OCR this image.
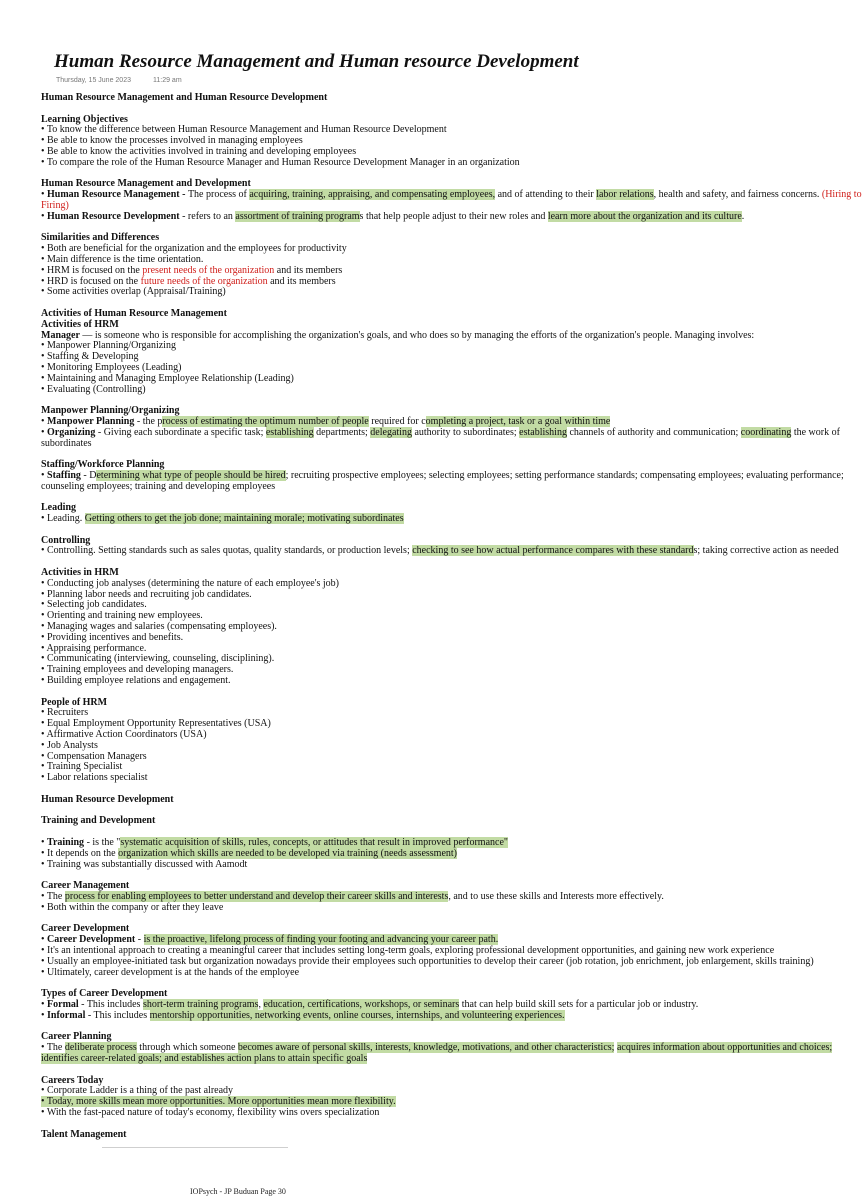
Human Resource Management and Human resource Development
Thursday, 15 June 2023	11:29 am
Human Resource Management and Human Resource Development
Learning Objectives
• To know the difference between Human Resource Management and Human Resource Development
• Be able to know the processes involved in managing employees
• Be able to know the activities involved in training and developing employees
• To compare the role of the Human Resource Manager and Human Resource Development Manager in an organization
Human Resource Management and Development
• Human Resource Management - The process of acquiring, training, appraising, and compensating employees, and of attending to their labor relations, health and safety, and fairness concerns. (Hiring to
Firing)
• Human Resource Development - refers to an assortment of training programs that help people adjust to their new roles and learn more about the organization and its culture.
Similarities and Differences
• Both are beneficial for the organization and the employees for productivity
• Main difference is the time orientation.
• HRM is focused on the present needs of the organization and its members
• HRD is focused on the future needs of the organization and its members
• Some activities overlap (Appraisal/Training)
Activities of Human Resource Management
Activities of HRM
Manager — is someone who is responsible for accomplishing the organization's goals, and who does so by managing the efforts of the organization's people. Managing involves:
• Manpower Planning/Organizing
• Staffing & Developing
• Monitoring Employees (Leading)
• Maintaining and Managing Employee Relationship (Leading)
• Evaluating (Controlling)
Manpower Planning/Organizing
• Manpower Planning - the process of estimating the optimum number of people required for completing a project, task or a goal within time
• Organizing - Giving each subordinate a specific task; establishing departments; delegating authority to subordinates; establishing channels of authority and communication; coordinating the work of
subordinates
Staffing/Workforce Planning
• Staffing - Determining what type of people should be hired; recruiting prospective employees; selecting employees; setting performance standards; compensating employees; evaluating performance;
counseling employees; training and developing employees
Leading
• Leading. Getting others to get the job done; maintaining morale; motivating subordinates
Controlling
• Controlling. Setting standards such as sales quotas, quality standards, or production levels; checking to see how actual performance compares with these standards; taking corrective action as needed
Activities in HRM
• Conducting job analyses (determining the nature of each employee's job)
• Planning labor needs and recruiting job candidates.
• Selecting job candidates.
• Orienting and training new employees.
• Managing wages and salaries (compensating employees).
• Providing incentives and benefits.
• Appraising performance.
• Communicating (interviewing, counseling, disciplining).
• Training employees and developing managers.
• Building employee relations and engagement.
People of HRM
• Recruiters
• Equal Employment Opportunity Representatives (USA)
• Affirmative Action Coordinators (USA)
• Job Analysts
• Compensation Managers
• Training Specialist
• Labor relations specialist
Human Resource Development
Training and Development
• Training - is the "systematic acquisition of skills, rules, concepts, or attitudes that result in improved performance"
• It depends on the organization which skills are needed to be developed via training (needs assessment)
• Training was substantially discussed with Aamodt
Career Management
• The process for enabling employees to better understand and develop their career skills and interests, and to use these skills and Interests more effectively.
• Both within the company or after they leave
Career Development
• Career Development - is the proactive, lifelong process of finding your footing and advancing your career path.
• It's an intentional approach to creating a meaningful career that includes setting long-term goals, exploring professional development opportunities, and gaining new work experience
• Usually an employee-initiated task but organization nowadays provide their employees such opportunities to develop their career (job rotation, job enrichment, job enlargement, skills training)
• Ultimately, career development is at the hands of the employee
Types of Career Development
• Formal - This includes short-term training programs, education, certifications, workshops, or seminars that can help build skill sets for a particular job or industry.
• Informal - This includes mentorship opportunities, networking events, online courses, internships, and volunteering experiences.
Career Planning
• The deliberate process through which someone becomes aware of personal skills, interests, knowledge, motivations, and other characteristics; acquires information about opportunities and choices;
identifies career-related goals; and establishes action plans to attain specific goals
Careers Today
• Corporate Ladder is a thing of the past already
• Today, more skills mean more opportunities. More opportunities mean more flexibility.
• With the fast-paced nature of today's economy, flexibility wins overs specialization
Talent Management
IOPsych - JP Buduan Page 30
